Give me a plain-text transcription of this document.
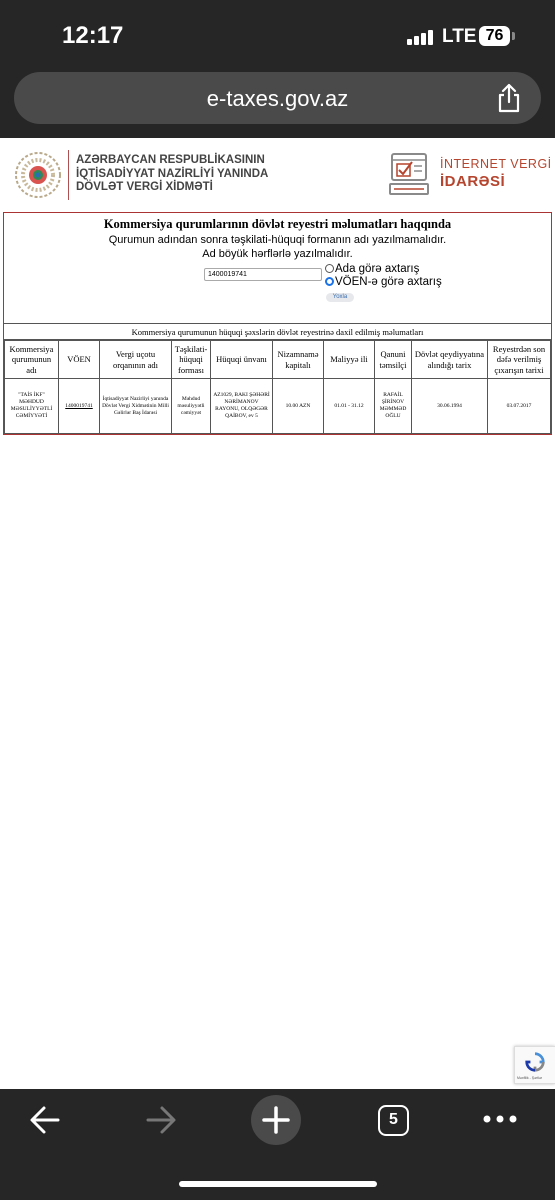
12:17	LTE 76
e-taxes.gov.az
AZƏRBAYCAN RESPUBLİKASININ
İQTİSADİYYAT NAZİRLİYİ YANINDA
DÖVLƏT VERGİ XİDMƏTİ
İNTERNET VERGİ
İDARƏSİ
Kommersiya qurumlarının dövlət reyestri məlumatları haqqında
Qurumun adından sonra təşkilati-hüquqi formanın adı yazılmamalıdır.
Ad böyük hərflərlə yazılmalıdır.
1400019741	Ada görə axtarış
VÖEN-ə görə axtarış
Yoxla
Kommersiya qurumunun hüquqi şəxslərin dövlət reyestrinə daxil edilmiş məlumatları
Kommersiya qurumunun adı	VÖEN	Vergi uçotu orqanının adı	Təşkilati-hüquqi forması	Hüquqi ünvanı	Nizamnamə kapitalı	Maliyyə ili	Qanuni təmsilçi	Dövlət qeydiyyatına alındığı tarix	Reyestrdən son dəfə verilmiş çıxarışın tarixi
"TAİS İKF" MƏHDUD MƏSULİYYƏTLİ CƏMİYYƏTİ	1400019741	İqtisadiyyat Nazirliyi yanında Dövlət Vergi Xidmətinin Milli Gəlirlər Baş İdarəsi	Məhdud məsuliyyətli cəmiyyət	AZ1029, BAKI ŞƏHƏRİ NƏRİMANOV RAYONU, OLQƏGƏR QAİBOV, ev 5	10.00 AZN	01.01 - 31.12	RAFAİL ŞİRİNOV MƏMMƏD OĞLU	30.06.1994	03.07.2017
Məxfilik - Şərtlər
5
